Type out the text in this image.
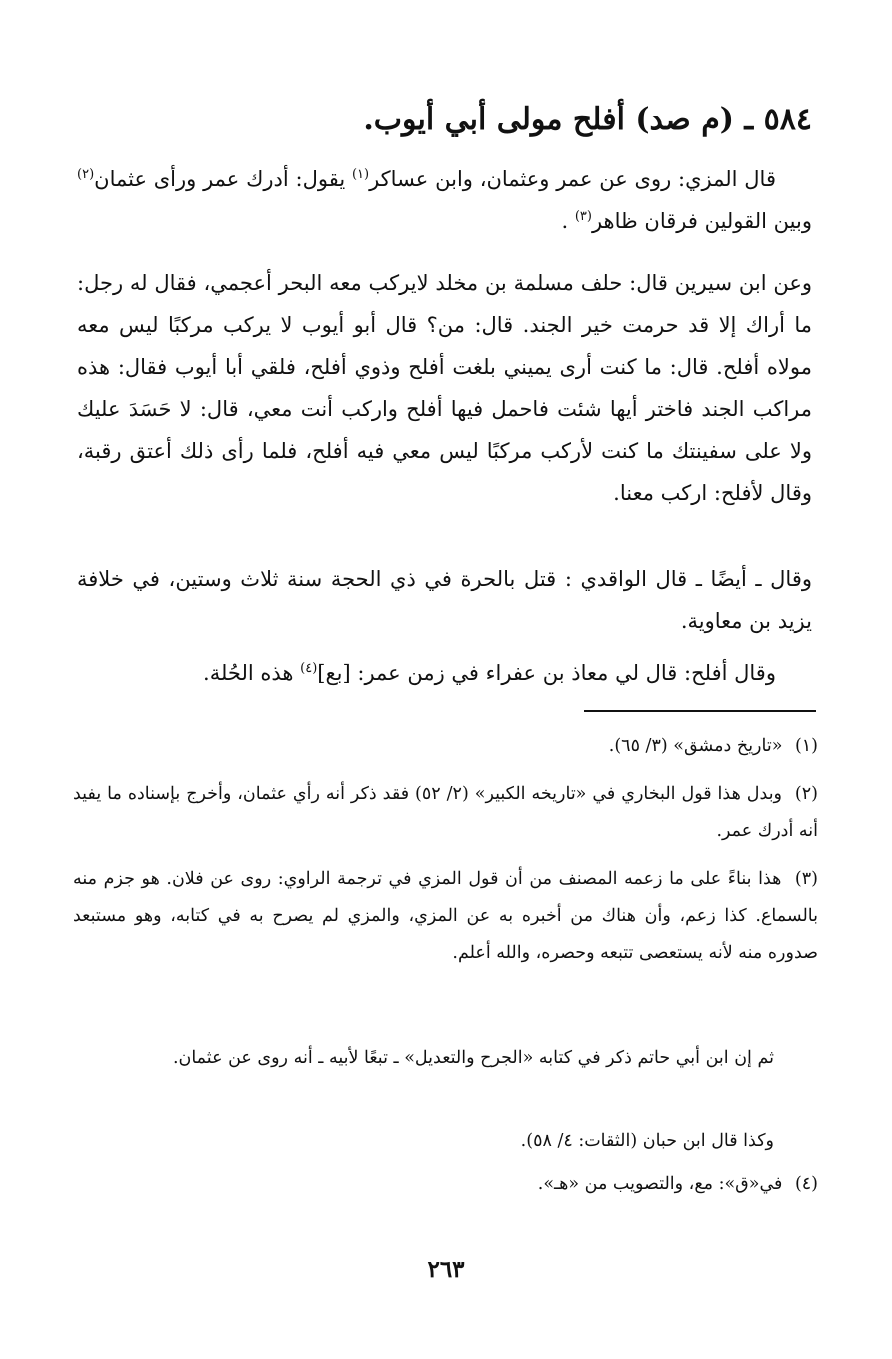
٥٨٤ ـ (م صد) أفلح مولى أبي أيوب.
قال المزي: روى عن عمر وعثمان، وابن عساكر$^{(١)}$ يقول: أدرك عمر ورأى عثمان$^{(٢)}$ وبين القولين فرقان ظاهر$^{(٣)}$ .
وعن ابن سيرين قال: حلف مسلمة بن مخلد لايركب معه البحر أعجمي، فقال له رجل: ما أراك إلا قد حرمت خير الجند. قال: من؟ قال أبو أيوب لا يركب مركبًا ليس معه مولاه أفلح. قال: ما كنت أرى يميني بلغت أفلح وذوي أفلح، فلقي أبا أيوب فقال: هذه مراكب الجند فاختر أيها شئت فاحمل فيها أفلح واركب أنت معي، قال: لا حَسَدَ عليك ولا على سفينتك ما كنت لأركب مركبًا ليس معي فيه أفلح، فلما رأى ذلك أعتق رقبة، وقال لأفلح: اركب معنا.
وقال ـ أيضًا ـ قال الواقدي : قتل بالحرة في ذي الحجة سنة ثلاث وستين، في خلافة يزيد بن معاوية.
وقال أفلح: قال لي معاذ بن عفراء في زمن عمر: [بع]$^{(٤)}$ هذه الحُلة.
(١) «تاريخ دمشق» (٣/ ٦٥).
(٢) وبدل هذا قول البخاري في «تاريخه الكبير» (٢/ ٥٢) فقد ذكر أنه رأي عثمان، وأخرج بإسناده ما يفيد أنه أدرك عمر.
(٣) هذا بناءً على ما زعمه المصنف من أن قول المزي في ترجمة الراوي: روى عن فلان. هو جزم منه بالسماع. كذا زعم، وأن هناك من أخبره به عن المزي، والمزي لم يصرح به في كتابه، وهو مستبعد صدوره منه لأنه يستعصى تتبعه وحصره، والله أعلم.
ثم إن ابن أبي حاتم ذكر في كتابه «الجرح والتعديل» ـ تبعًا لأبيه ـ أنه روى عن عثمان.
وكذا قال ابن حبان (الثقات: ٤/ ٥٨).
(٤) في«ق»: مع، والتصويب من «هـ».
٢٦٣
